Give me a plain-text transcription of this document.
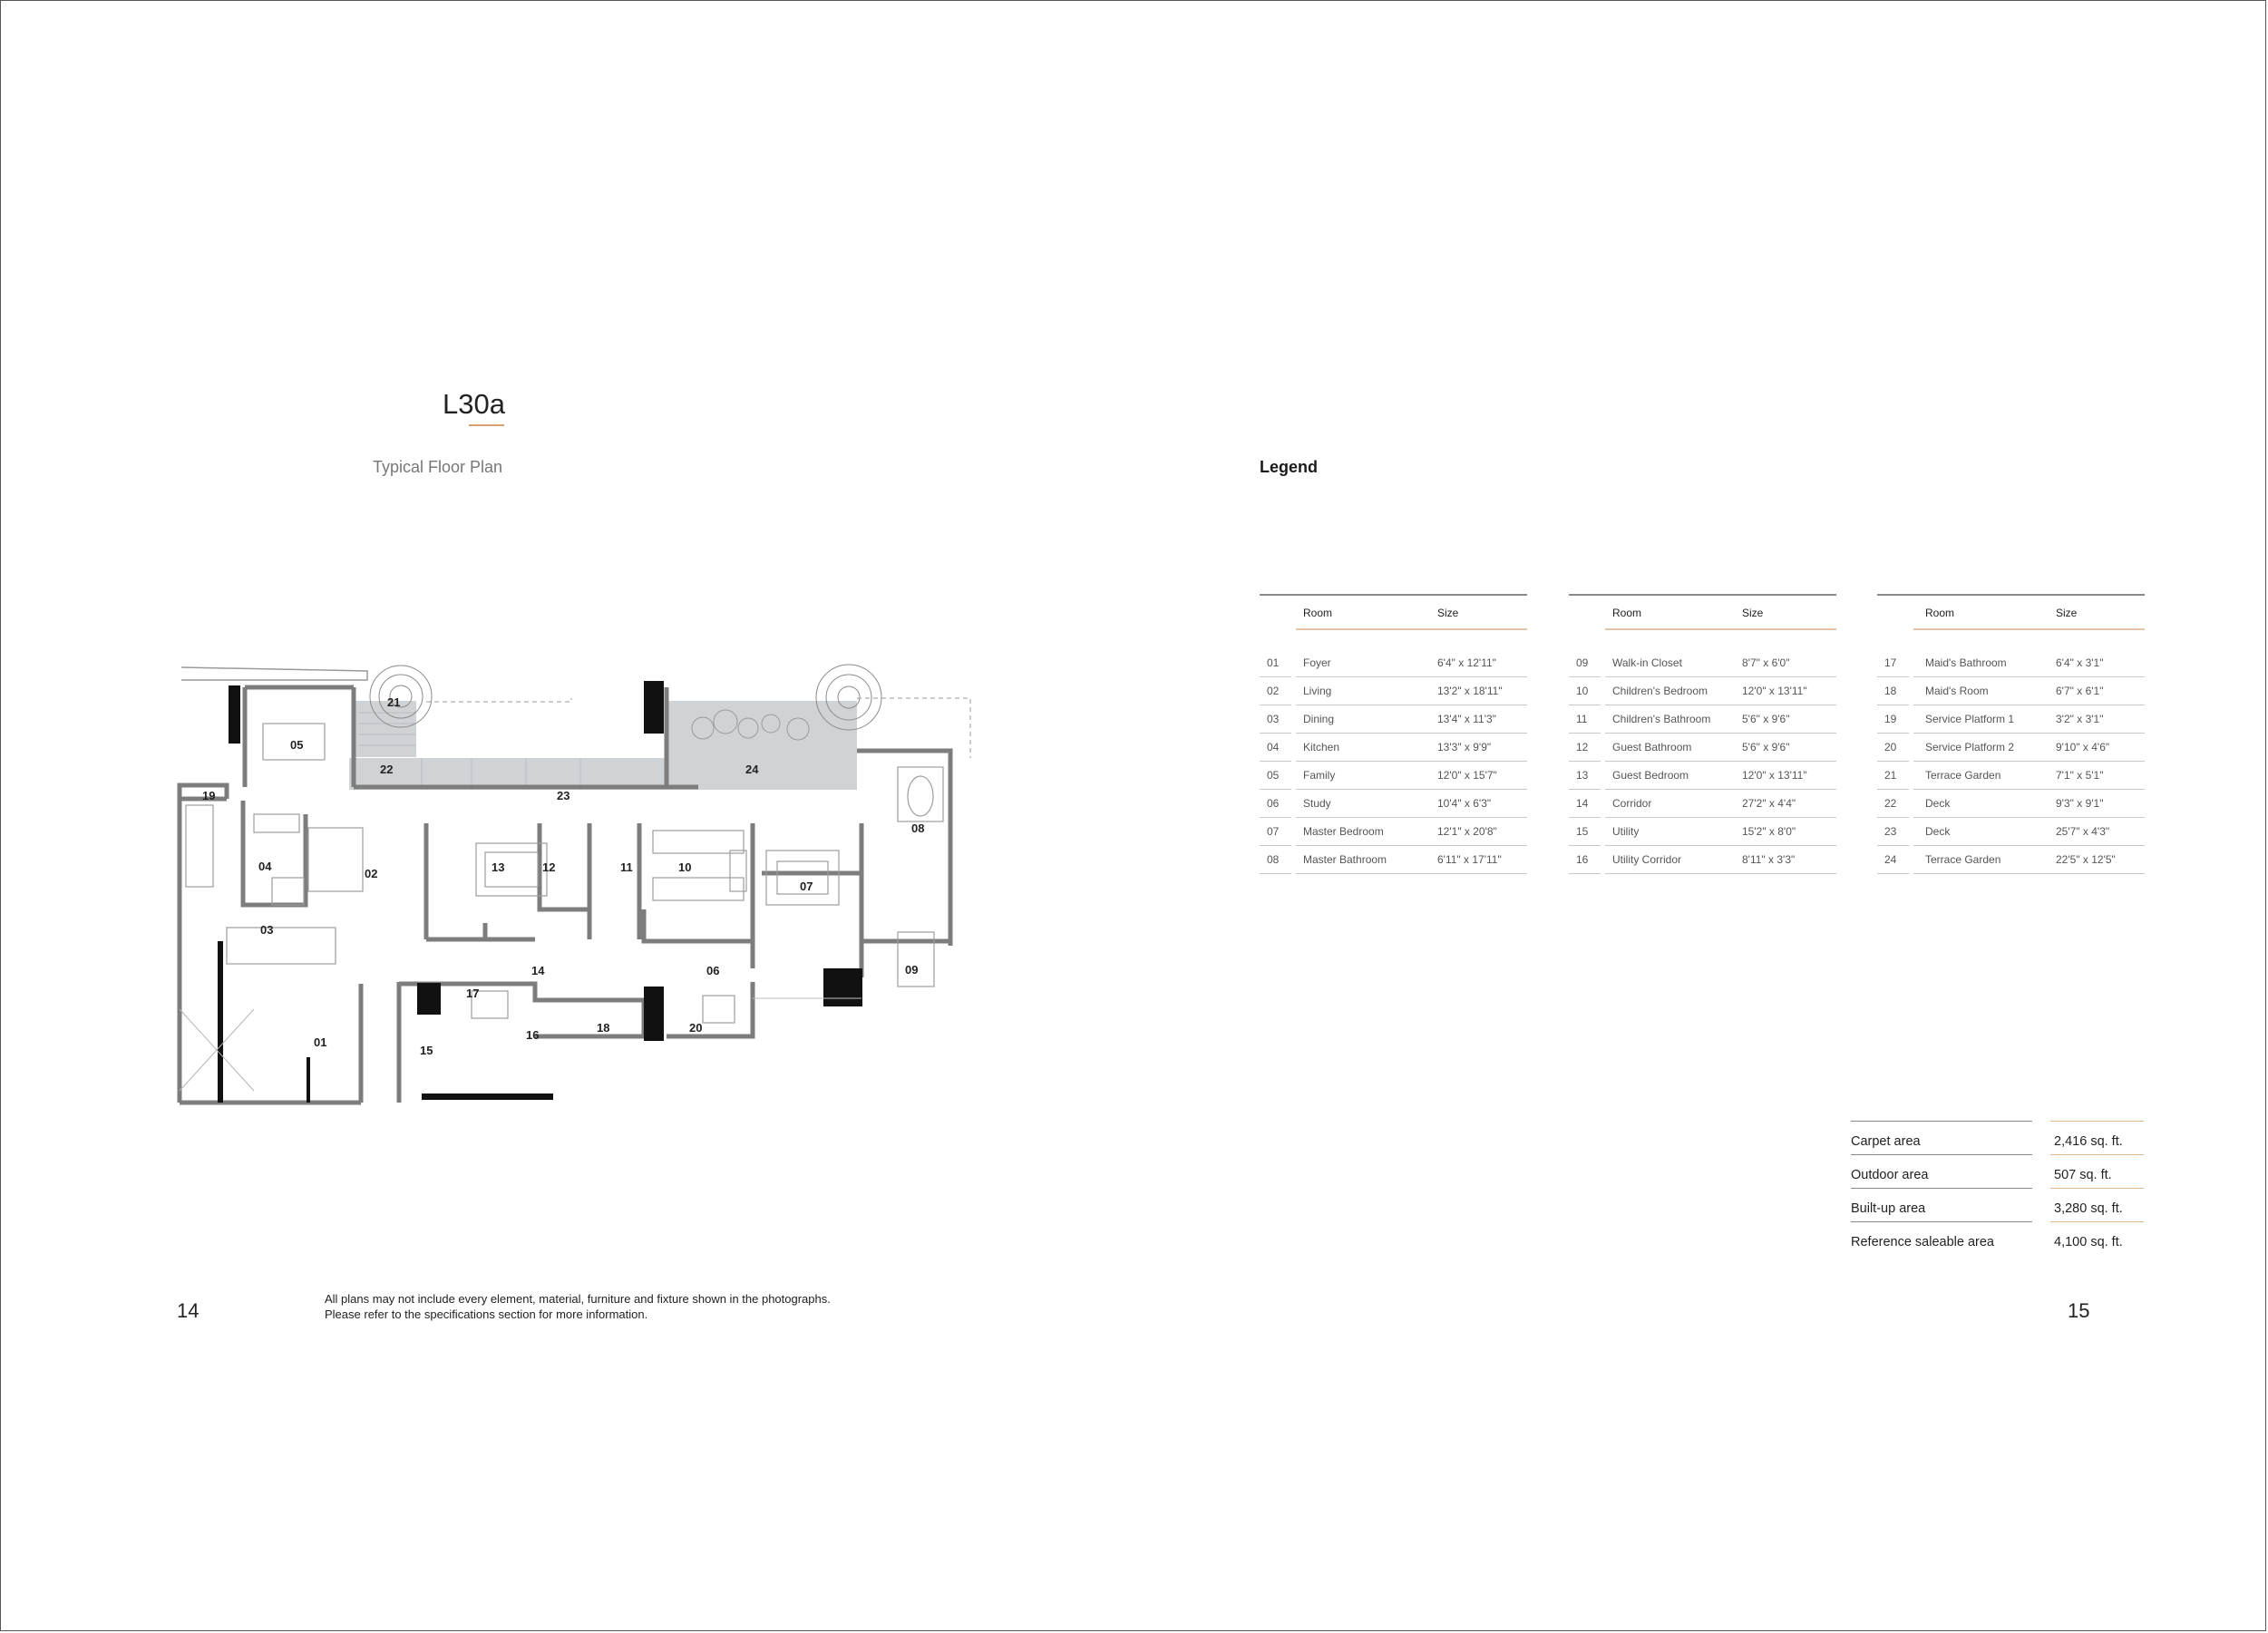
L30a
Typical Floor Plan
01
02
03
04
05
06
07
08
09
10
11
12
13
14
15
16
17
18
19
20
21
22
23
24
Legend
Room	Size
01 Foyer	6'4" x 12'11"
02 Living	13'2" x 18'11"
03 Dining	13'4" x 11'3"
04 Kitchen	13'3" x 9'9"
05 Family	12'0" x 15'7"
06 Study	10'4" x 6'3"
07 Master Bedroom	12'1" x 20'8"
08 Master Bathroom	6'11" x 17'11"
Room	Size
09 Walk-in Closet	8'7" x 6'0"
10 Children's Bedroom	12'0" x 13'11"
11 Children's Bathroom	5'6" x 9'6"
12 Guest Bathroom	5'6" x 9'6"
13 Guest Bedroom	12'0" x 13'11"
14 Corridor	27'2" x 4'4"
15 Utility	15'2" x 8'0"
16 Utility Corridor	8'11" x 3'3"
Room	Size
17	Maid's Bathroom	6'4" x 3'1"
18	Maid's Room	6'7" x 6'1"
19	Service Platform 1	3'2" x 3'1"
20	Service Platform 2	9'10" x 4'6"
21	Terrace Garden	7'1" x 5'1"
22	Deck	9'3" x 9'1"
23	Deck	25'7" x 4'3"
24	Terrace Garden	22'5" x 12'5"
Carpet area	2,416 sq. ft.
Outdoor area	507 sq. ft.
Built-up area	3,280 sq. ft.
Reference saleable area	4,100 sq. ft.
14	15
All plans may not include every element, material, furniture and fixture shown in the photographs.
Please refer to the specifications section for more information.
